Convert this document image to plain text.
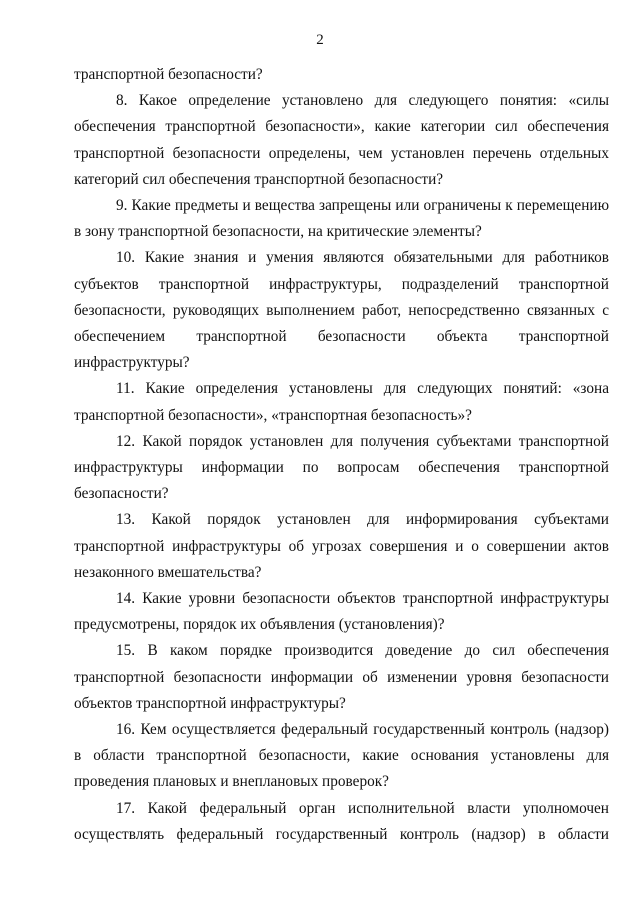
2

транспортной безопасности?

8. Какое определение установлено для следующего понятия: «силы обеспечения транспортной безопасности», какие категории сил обеспечения транспортной безопасности определены, чем установлен перечень отдельных категорий сил обеспечения транспортной безопасности?

9. Какие предметы и вещества запрещены или ограничены к перемещению в зону транспортной безопасности, на критические элементы?

10. Какие знания и умения являются обязательными для работников субъектов транспортной инфраструктуры, подразделений транспортной безопасности, руководящих выполнением работ, непосредственно связанных с обеспечением транспортной безопасности объекта транспортной инфраструктуры?

11. Какие определения установлены для следующих понятий: «зона транспортной безопасности», «транспортная безопасность»?

12. Какой порядок установлен для получения субъектами транспортной инфраструктуры информации по вопросам обеспечения транспортной безопасности?

13. Какой порядок установлен для информирования субъектами транспортной инфраструктуры об угрозах совершения и о совершении актов незаконного вмешательства?

14. Какие уровни безопасности объектов транспортной инфраструктуры предусмотрены, порядок их объявления (установления)?

15. В каком порядке производится доведение до сил обеспечения транспортной безопасности информации об изменении уровня безопасности объектов транспортной инфраструктуры?

16. Кем осуществляется федеральный государственный контроль (надзор) в области транспортной безопасности, какие основания установлены для проведения плановых и внеплановых проверок?

17. Какой федеральный орган исполнительной власти уполномочен осуществлять федеральный государственный контроль (надзор) в области
